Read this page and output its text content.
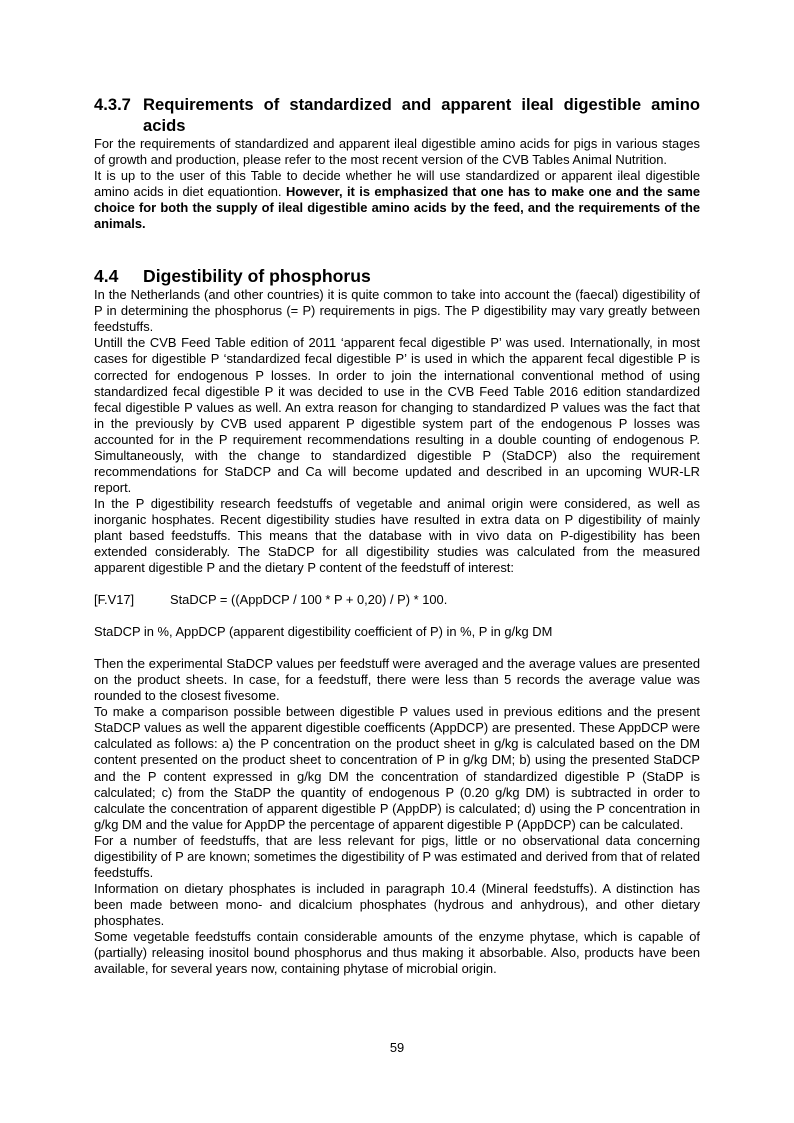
4.3.7 Requirements of standardized and apparent ileal digestible amino acids

For the requirements of standardized and apparent ileal digestible amino acids for pigs in various stages of growth and production, please refer to the most recent version of the CVB Tables Animal Nutrition.

It is up to the user of this Table to decide whether he will use standardized or apparent ileal digestible amino acids in diet equationtion. However, it is emphasized that one has to make one and the same choice for both the supply of ileal digestible amino acids by the feed, and the requirements of the animals.

4.4	Digestibility of phosphorus

In the Netherlands (and other countries) it is quite common to take into account the (faecal) digestibility of P in determining the phosphorus (= P) requirements in pigs. The P digestibility may vary greatly between feedstuffs.

Untill the CVB Feed Table edition of 2011 ‘apparent fecal digestible P’ was used. Internationally, in most cases for digestible P ‘standardized fecal digestible P’ is used in which the apparent fecal digestible P is corrected for endogenous P losses. In order to join the international conventional method of using standardized fecal digestible P it was decided to use in the CVB Feed Table 2016 edition standardized fecal digestible P values as well. An extra reason for changing to standardized P values was the fact that in the previously by CVB used apparent P digestible system part of the endogenous P losses was accounted for in the P requirement recommendations resulting in a double counting of endogenous P. Simultaneously, with the change to standardized digestible P (StaDCP) also the requirement recommendations for StaDCP and Ca will become updated and described in an upcoming WUR-LR report.

In the P digestibility research feedstuffs of vegetable and animal origin were considered, as well as inorganic hosphates. Recent digestibility studies have resulted in extra data on P digestibility of mainly plant based feedstuffs. This means that the database with in vivo data on P-digestibility has been extended considerably. The StaDCP for all digestibility studies was calculated from the measured apparent digestible P and the dietary P content of the feedstuff of interest:

[F.V17]	StaDCP = ((AppDCP / 100 * P + 0,20) / P) * 100.

StaDCP in %, AppDCP (apparent digestibility coefficient of P) in %, P in g/kg DM

Then the experimental StaDCP values per feedstuff were averaged and the average values are presented on the product sheets. In case, for a feedstuff, there were less than 5 records the average value was rounded to the closest fivesome.

To make a comparison possible between digestible P values used in previous editions and the present StaDCP values as well the apparent digestible coefficents (AppDCP) are presented. These AppDCP were calculated as follows: a) the P concentration on the product sheet in g/kg is calculated based on the DM content presented on the product sheet to concentration of P in g/kg DM; b) using the presented StaDCP and the P content expressed in g/kg DM the concentration of standardized digestible P (StaDP is calculated; c) from the StaDP the quantity of endogenous P (0.20 g/kg DM) is subtracted in order to calculate the concentration of apparent digestible P (AppDP) is calculated; d) using the P concentration in g/kg DM and the value for AppDP the percentage of apparent digestible P (AppDCP) can be calculated.

For a number of feedstuffs, that are less relevant for pigs, little or no observational data concerning digestibility of P are known; sometimes the digestibility of P was estimated and derived from that of related feedstuffs.

Information on dietary phosphates is included in paragraph 10.4 (Mineral feedstuffs). A distinction has been made between mono- and dicalcium phosphates (hydrous and anhydrous), and other dietary phosphates.

Some vegetable feedstuffs contain considerable amounts of the enzyme phytase, which is capable of (partially) releasing inositol bound phosphorus and thus making it absorbable. Also, products have been available, for several years now, containing phytase of microbial origin.

59
